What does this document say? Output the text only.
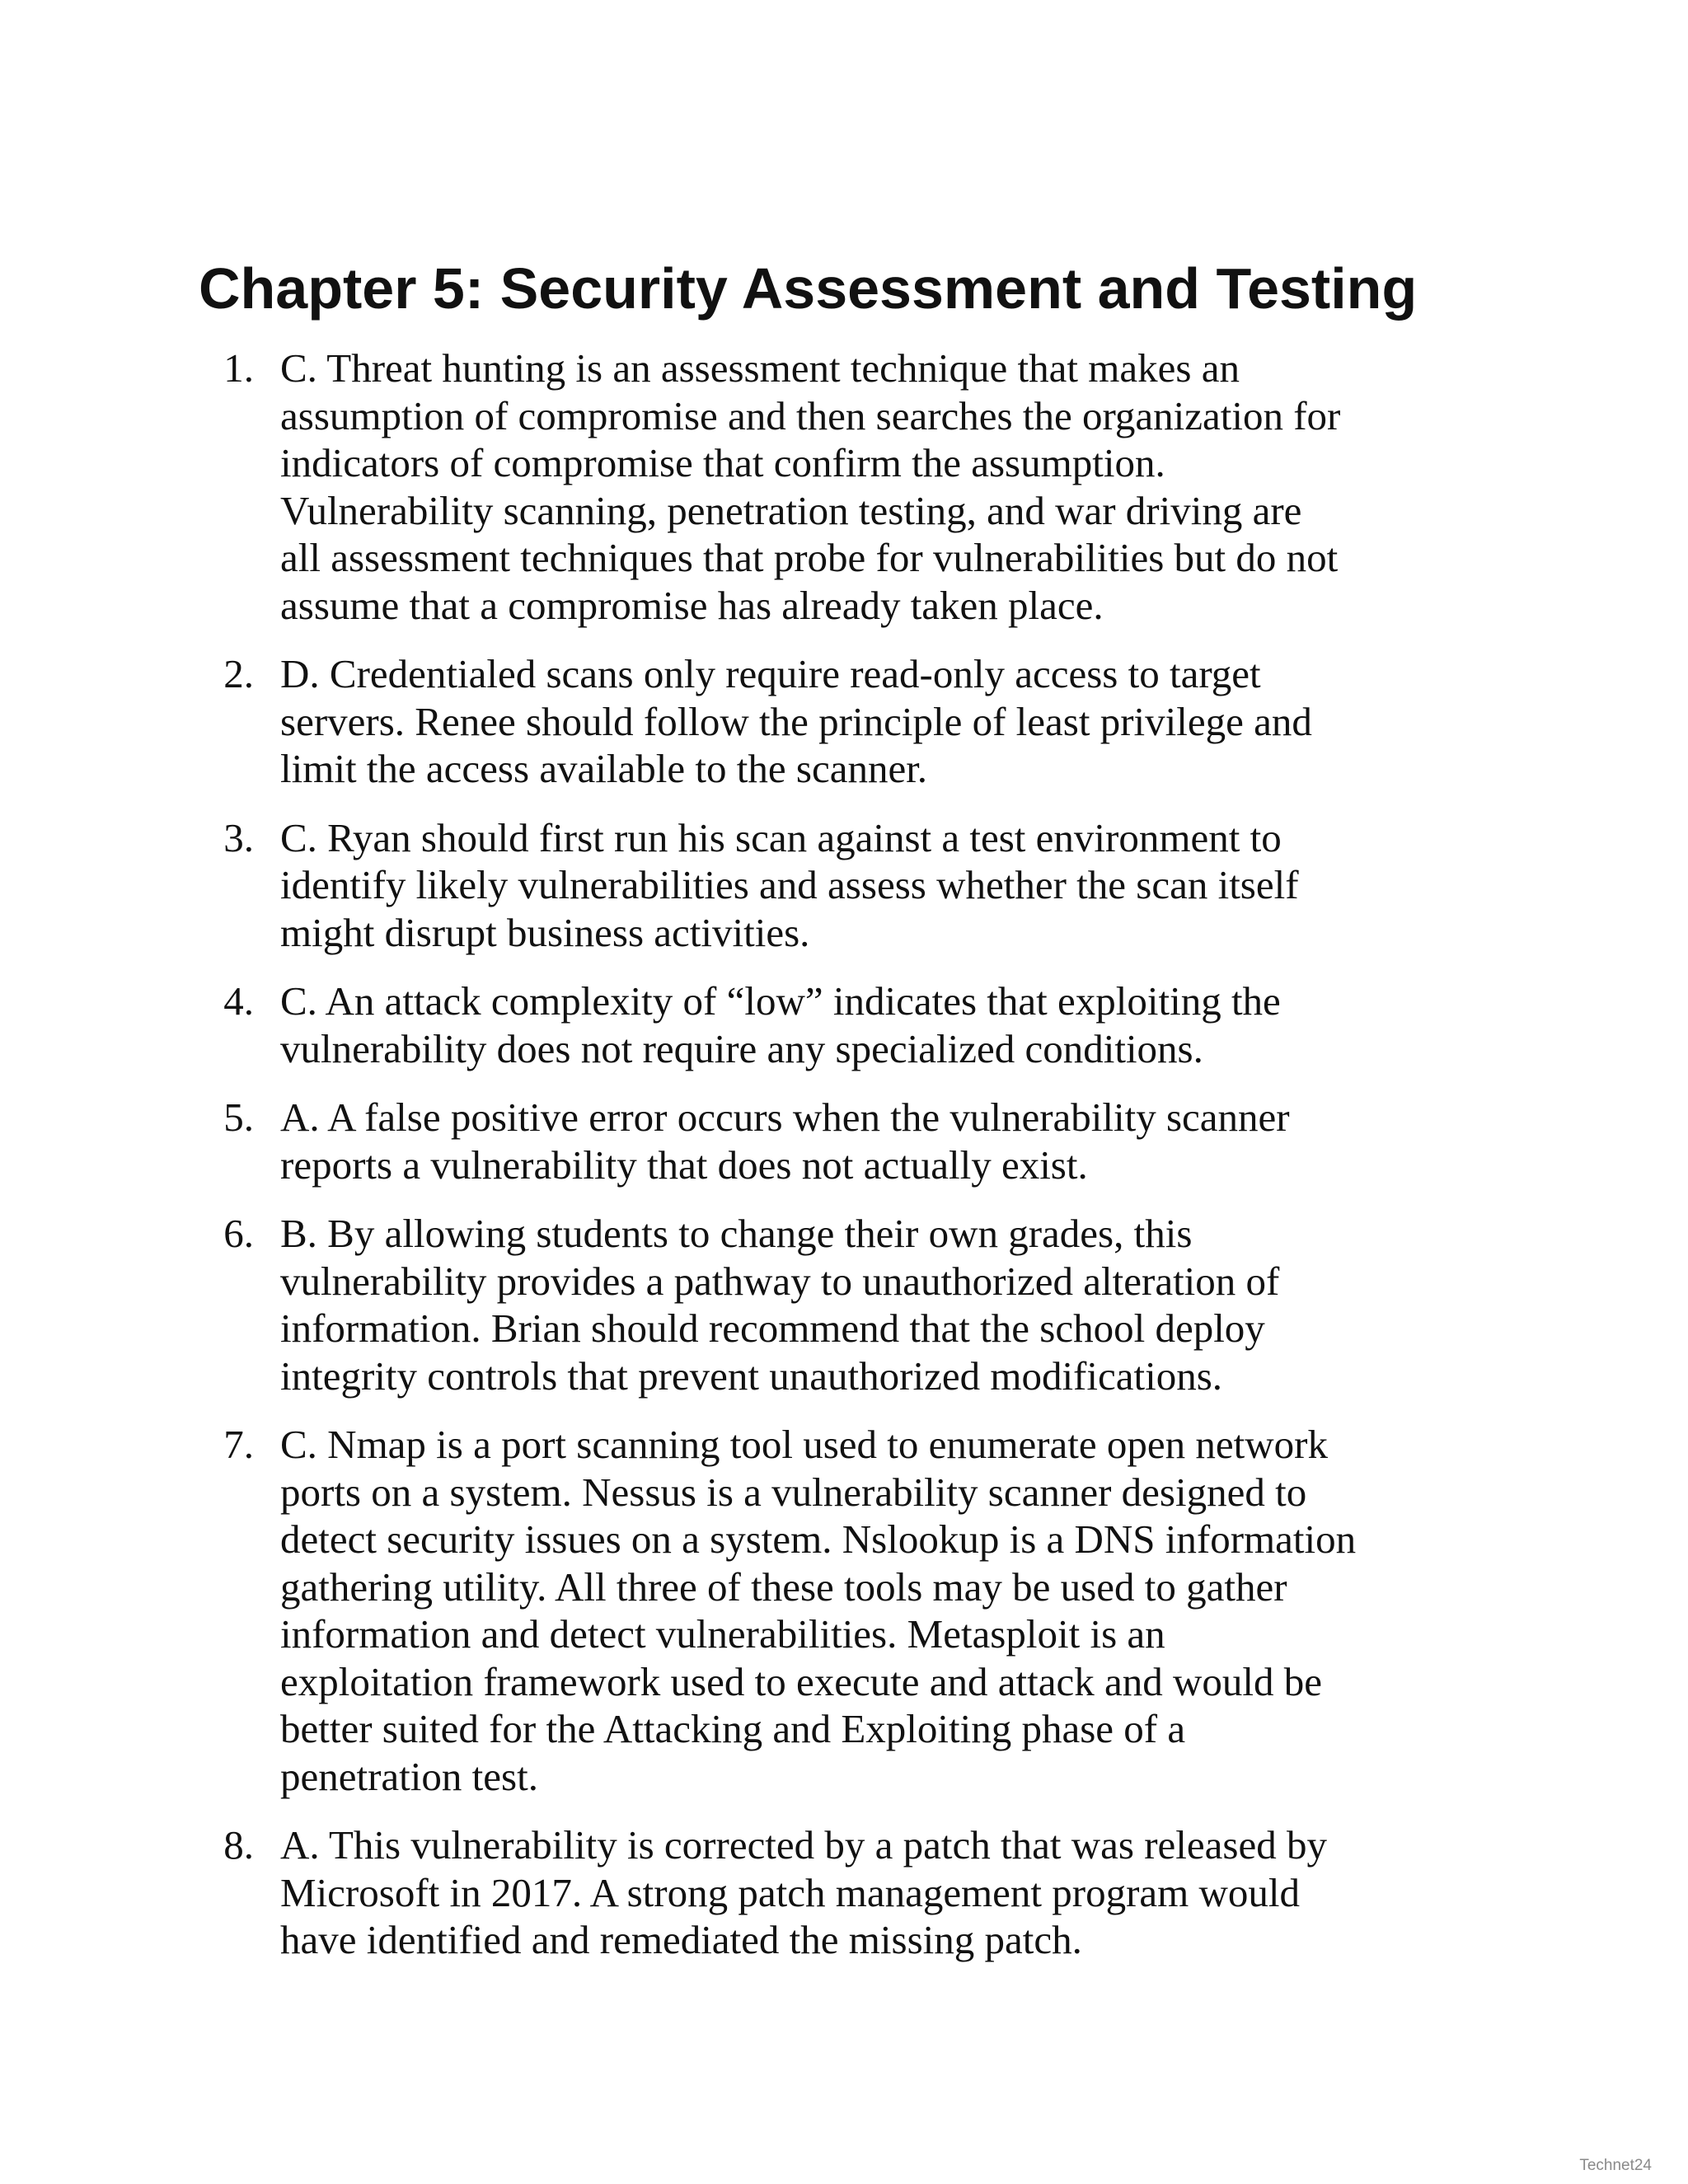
Chapter 5: Security Assessment and Testing
1. C. Threat hunting is an assessment technique that makes an
assumption of compromise and then searches the organization for
indicators of compromise that confirm the assumption.
Vulnerability scanning, penetration testing, and war driving are
all assessment techniques that probe for vulnerabilities but do not
assume that a compromise has already taken place.
2. D. Credentialed scans only require read-only access to target
servers. Renee should follow the principle of least privilege and
limit the access available to the scanner.
3. C. Ryan should first run his scan against a test environment to
identify likely vulnerabilities and assess whether the scan itself
might disrupt business activities.
4. C. An attack complexity of “low” indicates that exploiting the
vulnerability does not require any specialized conditions.
5. A. A false positive error occurs when the vulnerability scanner
reports a vulnerability that does not actually exist.
6. B. By allowing students to change their own grades, this
vulnerability provides a pathway to unauthorized alteration of
information. Brian should recommend that the school deploy
integrity controls that prevent unauthorized modifications.
7. C. Nmap is a port scanning tool used to enumerate open network
ports on a system. Nessus is a vulnerability scanner designed to
detect security issues on a system. Nslookup is a DNS information
gathering utility. All three of these tools may be used to gather
information and detect vulnerabilities. Metasploit is an
exploitation framework used to execute and attack and would be
better suited for the Attacking and Exploiting phase of a
penetration test.
8. A. This vulnerability is corrected by a patch that was released by
Microsoft in 2017. A strong patch management program would
have identified and remediated the missing patch.
Technet24
